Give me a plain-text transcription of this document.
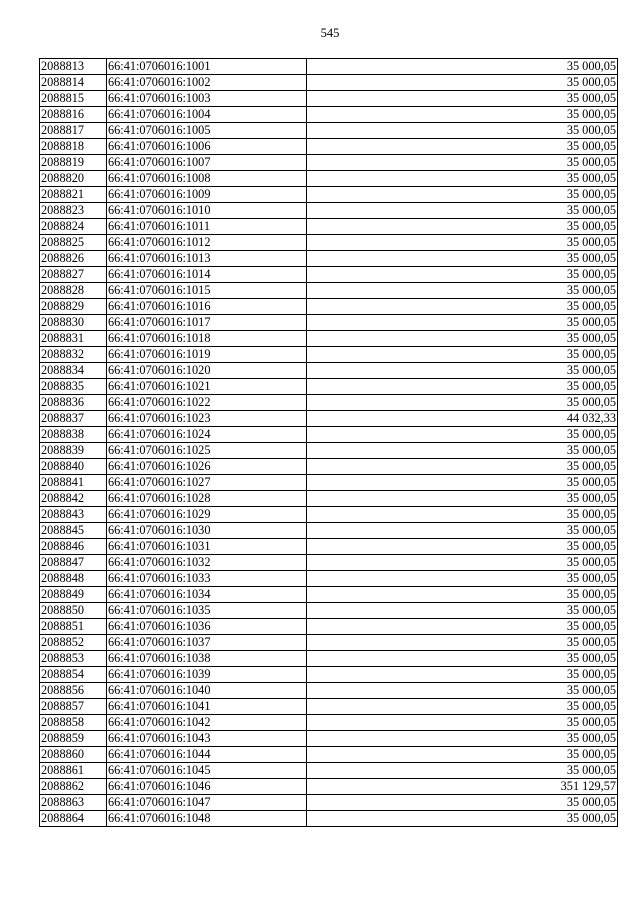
545
2088813	66:41:0706016:1001	35 000,05
2088814	66:41:0706016:1002	35 000,05
2088815	66:41:0706016:1003	35 000,05
2088816	66:41:0706016:1004	35 000,05
2088817	66:41:0706016:1005	35 000,05
2088818	66:41:0706016:1006	35 000,05
2088819	66:41:0706016:1007	35 000,05
2088820	66:41:0706016:1008	35 000,05
2088821	66:41:0706016:1009	35 000,05
2088823	66:41:0706016:1010	35 000,05
2088824	66:41:0706016:1011	35 000,05
2088825	66:41:0706016:1012	35 000,05
2088826	66:41:0706016:1013	35 000,05
2088827	66:41:0706016:1014	35 000,05
2088828	66:41:0706016:1015	35 000,05
2088829	66:41:0706016:1016	35 000,05
2088830	66:41:0706016:1017	35 000,05
2088831	66:41:0706016:1018	35 000,05
2088832	66:41:0706016:1019	35 000,05
2088834	66:41:0706016:1020	35 000,05
2088835	66:41:0706016:1021	35 000,05
2088836	66:41:0706016:1022	35 000,05
2088837	66:41:0706016:1023	44 032,33
2088838	66:41:0706016:1024	35 000,05
2088839	66:41:0706016:1025	35 000,05
2088840	66:41:0706016:1026	35 000,05
2088841	66:41:0706016:1027	35 000,05
2088842	66:41:0706016:1028	35 000,05
2088843	66:41:0706016:1029	35 000,05
2088845	66:41:0706016:1030	35 000,05
2088846	66:41:0706016:1031	35 000,05
2088847	66:41:0706016:1032	35 000,05
2088848	66:41:0706016:1033	35 000,05
2088849	66:41:0706016:1034	35 000,05
2088850	66:41:0706016:1035	35 000,05
2088851	66:41:0706016:1036	35 000,05
2088852	66:41:0706016:1037	35 000,05
2088853	66:41:0706016:1038	35 000,05
2088854	66:41:0706016:1039	35 000,05
2088856	66:41:0706016:1040	35 000,05
2088857	66:41:0706016:1041	35 000,05
2088858	66:41:0706016:1042	35 000,05
2088859	66:41:0706016:1043	35 000,05
2088860	66:41:0706016:1044	35 000,05
2088861	66:41:0706016:1045	35 000,05
2088862	66:41:0706016:1046	351 129,57
2088863	66:41:0706016:1047	35 000,05
2088864	66:41:0706016:1048	35 000,05
